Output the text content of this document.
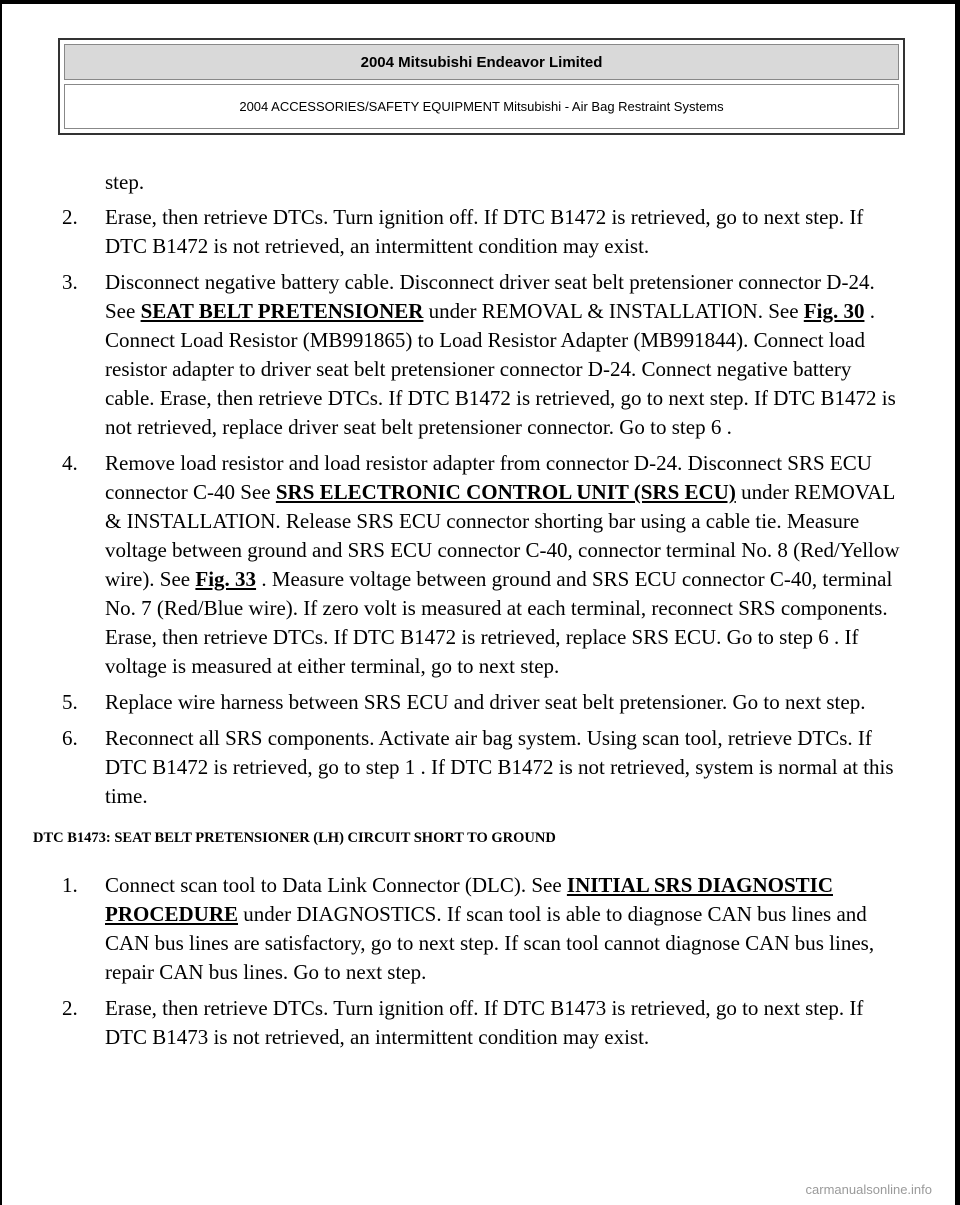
2004 Mitsubishi Endeavor Limited
2004 ACCESSORIES/SAFETY EQUIPMENT Mitsubishi - Air Bag Restraint Systems

step.

2. Erase, then retrieve DTCs. Turn ignition off. If DTC B1472 is retrieved, go to next step. If DTC B1472 is not retrieved, an intermittent condition may exist.
3. Disconnect negative battery cable. Disconnect driver seat belt pretensioner connector D-24. See SEAT BELT PRETENSIONER under REMOVAL & INSTALLATION. See Fig. 30 . Connect Load Resistor (MB991865) to Load Resistor Adapter (MB991844). Connect load resistor adapter to driver seat belt pretensioner connector D-24. Connect negative battery cable. Erase, then retrieve DTCs. If DTC B1472 is retrieved, go to next step. If DTC B1472 is not retrieved, replace driver seat belt pretensioner connector. Go to step 6 .
4. Remove load resistor and load resistor adapter from connector D-24. Disconnect SRS ECU connector C-40 See SRS ELECTRONIC CONTROL UNIT (SRS ECU) under REMOVAL & INSTALLATION. Release SRS ECU connector shorting bar using a cable tie. Measure voltage between ground and SRS ECU connector C-40, connector terminal No. 8 (Red/Yellow wire). See Fig. 33 . Measure voltage between ground and SRS ECU connector C-40, terminal No. 7 (Red/Blue wire). If zero volt is measured at each terminal, reconnect SRS components. Erase, then retrieve DTCs. If DTC B1472 is retrieved, replace SRS ECU. Go to step 6 . If voltage is measured at either terminal, go to next step.
5. Replace wire harness between SRS ECU and driver seat belt pretensioner. Go to next step.
6. Reconnect all SRS components. Activate air bag system. Using scan tool, retrieve DTCs. If DTC B1472 is retrieved, go to step 1 . If DTC B1472 is not retrieved, system is normal at this time.
DTC B1473: SEAT BELT PRETENSIONER (LH) CIRCUIT SHORT TO GROUND
1. Connect scan tool to Data Link Connector (DLC). See INITIAL SRS DIAGNOSTIC PROCEDURE under DIAGNOSTICS. If scan tool is able to diagnose CAN bus lines and CAN bus lines are satisfactory, go to next step. If scan tool cannot diagnose CAN bus lines, repair CAN bus lines. Go to next step.
2. Erase, then retrieve DTCs. Turn ignition off. If DTC B1473 is retrieved, go to next step. If DTC B1473 is not retrieved, an intermittent condition may exist.
carmanualsonline.info
